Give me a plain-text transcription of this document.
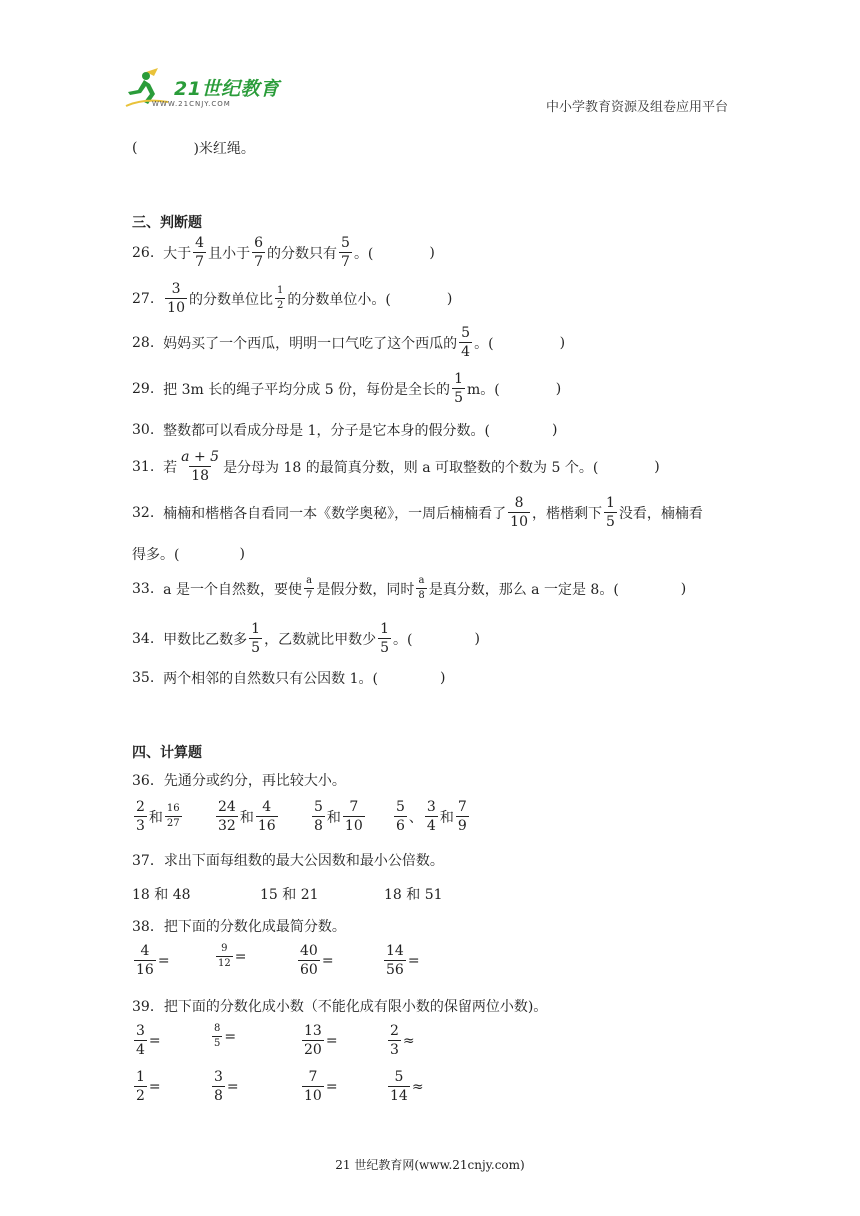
21世纪教育
WWW.21CNJY.COM	中小学教育资源及组卷应用平台
(	)米红绳。
三、判断题
26.
大于 $\frac{4}{7}$ 且小于 $\frac{6}{7}$ 的分数只有 $\frac{5}{7}$ 。(	)
27.
$\frac{3}{10}$ 的分数单位比 $\frac{1}{2}$ 的分数单位小。(	)
28.
妈妈买了一个西瓜，明明一口气吃了这个西瓜的 $\frac{5}{4}$ 。(	)
29.
把 3m 长的绳子平均分成 5 份，每份是全长的 $\frac{1}{5}$ m。(	)
30.
整数都可以看成分母是 1，分子是它本身的假分数。(	)
31.
若 $\frac{a + 5}{18}$ 是分母为 18 的最简真分数，则 a 可取整数的个数为 5 个。(	)
32.
楠楠和楷楷各自看同一本《数学奥秘》，一周后楠楠看了 $\frac{8}{10}$ ，楷楷剩下 $\frac{1}{5}$ 没看，楠楠看
得多。(	)
33.
a 是一个自然数，要使 $\frac{a}{7}$ 是假分数，同时 $\frac{a}{8}$ 是真分数，那么 a 一定是 8。(	)
34.
甲数比乙数多 $\frac{1}{5}$ ，乙数就比甲数少 $\frac{1}{5}$ 。(	)
35.
两个相邻的自然数只有公因数 1。(	)
四、计算题
36．先通分或约分，再比较大小。
$\frac{2}{3}$ 和 $\frac{16}{27} \frac{24}{32}$ 和 $\frac{4}{16} \frac{5}{8}$ 和 $\frac{7}{10} \frac{5}{6}$ 、 $\frac{3}{4}$ 和 $\frac{7}{9}$
37．求出下面每组数的最大公因数和最小公倍数。
18 和 48	15 和 21	18 和 51
38．把下面的分数化成最简分数。
$\frac{4}{16}$ =	$\frac{9}{12}$ =	$\frac{40}{60}$ =	$\frac{14}{56}$ =
39．把下面的分数化成小数（不能化成有限小数的保留两位小数)。
$\frac{3}{4}$ =	$\frac{8}{5}$ =	$\frac{13}{20}$ =	$\frac{2}{3}$ ≈
$\frac{1}{2}$ =	$\frac{3}{8}$ =	$\frac{7}{10}$ =	$\frac{5}{14}$ ≈
21 世纪教育网(www.21cnjy.com)
